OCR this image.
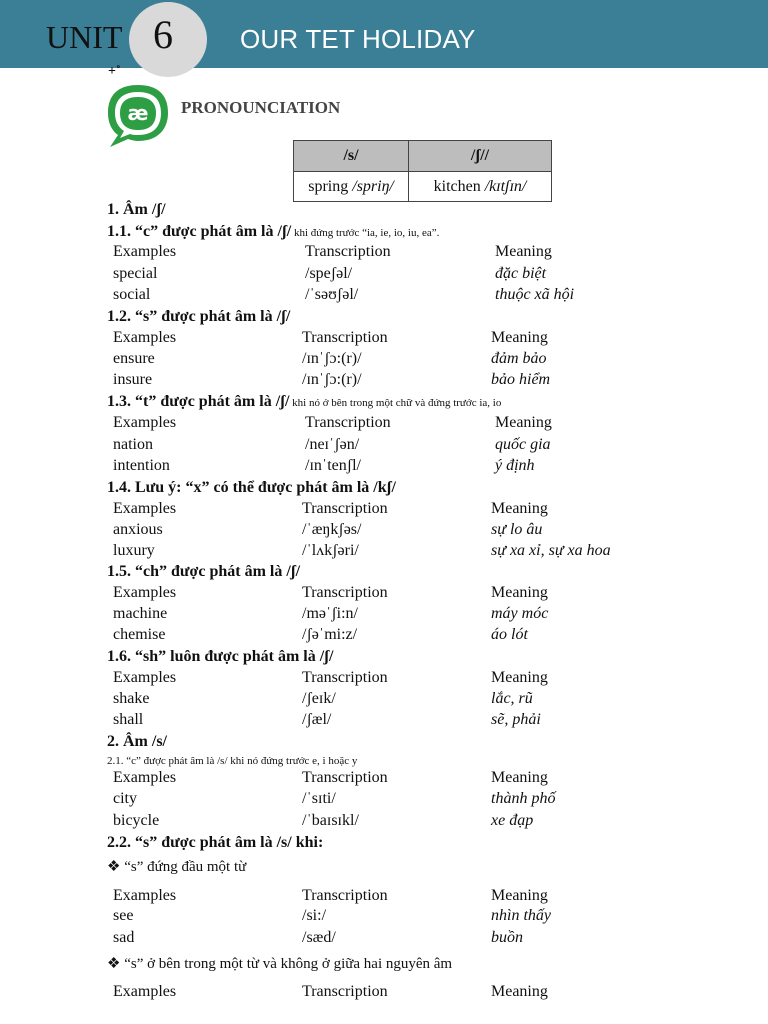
UNIT 6	OUR TET HOLIDAY
+˚
æ PRONOUNCIATION
/s/	/ʃ//
spring /spriŋ/	kitchen /kɪtʃɪn/
1. Âm /ʃ/
1.1. “c” được phát âm là /ʃ/ khi đứng trước “ia, ie, io, iu, ea”.
Examples	Transcription	Meaning
special	/speʃəl/	đặc biệt
social	/ˈsəʊʃəl/	thuộc xã hội
1.2. “s” được phát âm là /ʃ/
Examples	Transcription	Meaning
ensure	/ɪnˈʃɔ:(r)/	đảm bảo
insure	/ɪnˈʃɔ:(r)/	bảo hiểm
1.3. “t” được phát âm là /ʃ/ khi nó ở bên trong một chữ và đứng trước ia, io
Examples	Transcription	Meaning
nation	/neɪˈʃən/	quốc gia
intention	/ɪnˈtenʃl/	ý định
1.4. Lưu ý: “x” có thể được phát âm là /kʃ/
Examples	Transcription	Meaning
anxious	/ˈæŋkʃəs/	sự lo âu
luxury	/ˈlʌkʃəri/	sự xa xỉ, sự xa hoa
1.5. “ch” được phát âm là /ʃ/
Examples	Transcription	Meaning
machine	/məˈʃi:n/	máy móc
chemise	/ʃəˈmi:z/	áo lót
1.6. “sh” luôn được phát âm là /ʃ/
Examples	Transcription	Meaning
shake	/ʃeɪk/	lắc, rũ
shall	/ʃæl/	sẽ, phải
2. Âm /s/
2.1. “c” được phát âm là /s/ khi nó đứng trước e, i hoặc y
Examples	Transcription	Meaning
city	/ˈsɪti/	thành phố
bicycle	/ˈbaɪsɪkl/	xe đạp
2.2. “s” được phát âm là /s/ khi:
❖ “s” đứng đầu một từ
Examples	Transcription	Meaning
see	/si:/	nhìn thấy
sad	/sæd/	buồn
❖ “s” ở bên trong một từ và không ở giữa hai nguyên âm
Examples	Transcription	Meaning
